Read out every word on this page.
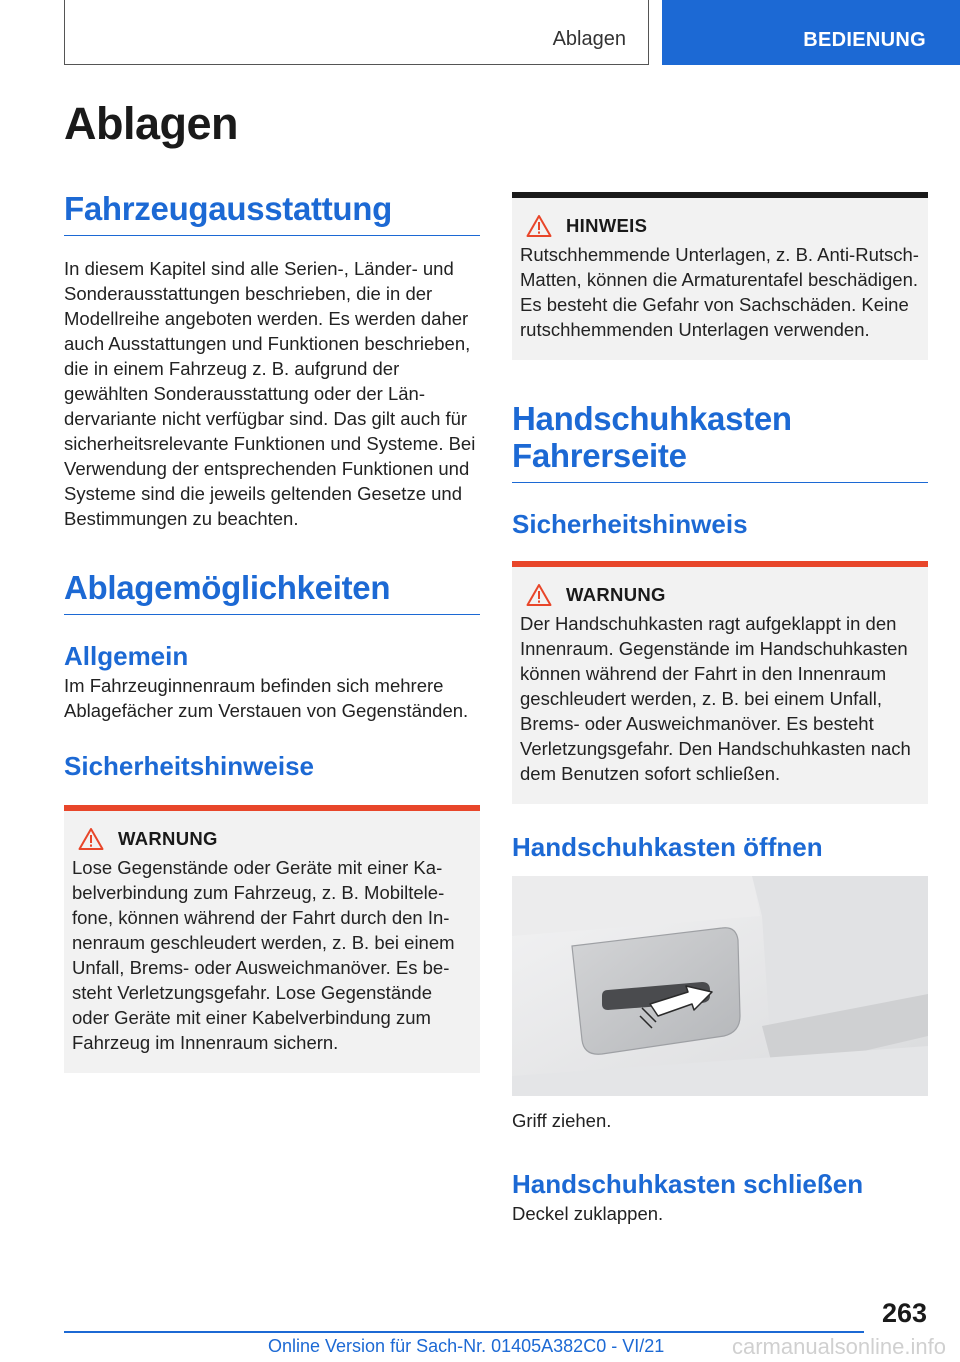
Ablagen	BEDIENUNG
Ablagen
Fahrzeugausstattung

In diesem Kapitel sind alle Serien-, Länder- und Sonderausstattungen beschrieben, die in der Modellreihe angeboten werden. Es werden daher auch Ausstattungen und Funktionen beschrieben, die in einem Fahrzeug z. B. aufgrund der gewählten Sonderausstattung oder der Ländervariante nicht verfügbar sind. Das gilt auch für sicherheitsrelevante Funktionen und Systeme. Bei Verwendung der entsprechenden Funktionen und Systeme sind die jeweils geltenden Gesetze und Bestimmungen zu beachten.

Ablagemöglichkeiten
Allgemein

Im Fahrzeuginnenraum befinden sich mehrere Ablagefächer zum Verstauen von Gegenständen.

Sicherheitshinweise
WARNUNG

Lose Gegenstände oder Geräte mit einer Kabelverbindung zum Fahrzeug, z. B. Mobiltelefone, können während der Fahrt durch den Innenraum geschleudert werden, z. B. bei einem Unfall, Brems- oder Ausweichmanöver. Es besteht Verletzungsgefahr. Lose Gegenstände oder Geräte mit einer Kabelverbindung zum Fahrzeug im Innenraum sichern.

HINWEIS

Rutschhemmende Unterlagen, z. B. Anti-Rutsch-Matten, können die Armaturentafel beschädigen. Es besteht die Gefahr von Sachschäden. Keine rutschhemmenden Unterlagen verwenden.

Handschuhkasten Fahrerseite
Sicherheitshinweis
WARNUNG

Der Handschuhkasten ragt aufgeklappt in den Innenraum. Gegenstände im Handschuhkasten können während der Fahrt in den Innenraum geschleudert werden, z. B. bei einem Unfall, Brems- oder Ausweichmanöver. Es besteht Verletzungsgefahr. Den Handschuhkasten nach dem Benutzen sofort schließen.

Handschuhkasten öffnen

Griff ziehen.

Handschuhkasten schließen

Deckel zuklappen.

263
Online Version für Sach-Nr. 01405A382C0 - VI/21	carmanualsonline.info
